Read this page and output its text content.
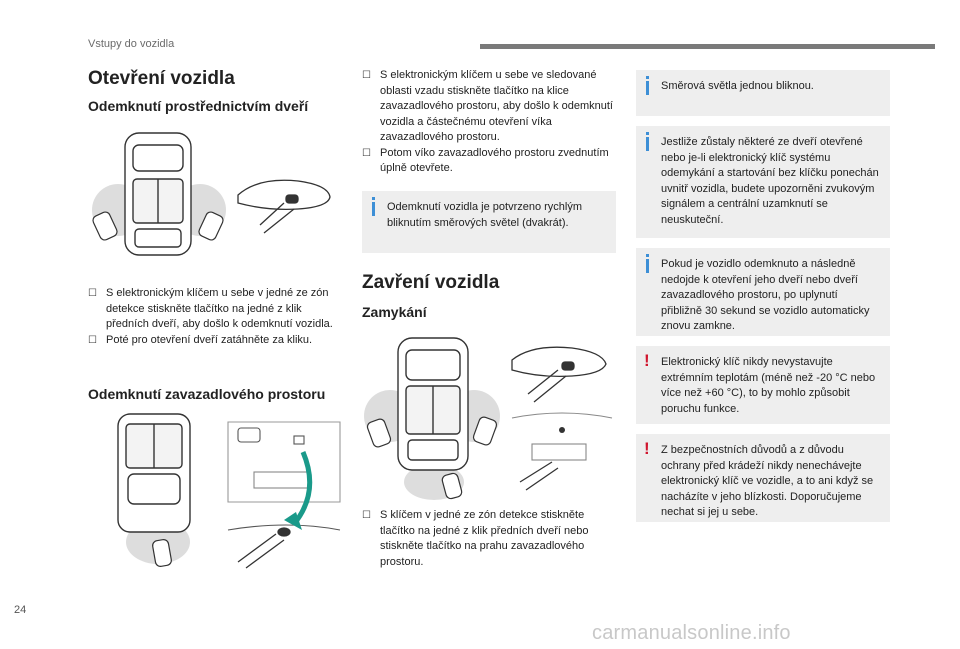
Vstupy do vozidla
Otevření vozidla
Odemknutí prostřednictvím dveří
☐ S elektronickým klíčem u sebe v jedné ze zón detekce stiskněte tlačítko na jedné z klik předních dveří, aby došlo k odemknutí vozidla.
☐ Poté pro otevření dveří zatáhněte za kliku.
Odemknutí zavazadlového prostoru
☐ S elektronickým klíčem u sebe ve sledované oblasti vzadu stiskněte tlačítko na klice zavazadlového prostoru, aby došlo k odemknutí vozidla a částečnému otevření víka zavazadlového prostoru.
☐ Potom víko zavazadlového prostoru zvednutím úplně otevřete.
Odemknutí vozidla je potvrzeno rychlým bliknutím směrových světel (dvakrát).
Zavření vozidla
Zamykání
☐ S klíčem v jedné ze zón detekce stiskněte tlačítko na jedné z klik předních dveří nebo stiskněte tlačítko na prahu zavazadlového prostoru.
Směrová světla jednou bliknou.
Jestliže zůstaly některé ze dveří otevřené nebo je-li elektronický klíč systému odemykání a startování bez klíčku ponechán uvnitř vozidla, budete upozorněni zvukovým signálem a centrální uzamknutí se neuskuteční.
Pokud je vozidlo odemknuto a následně nedojde k otevření jeho dveří nebo dveří zavazadlového prostoru, po uplynutí přibližně 30 sekund se vozidlo automaticky znovu zamkne.
! Elektronický klíč nikdy nevystavujte extrémním teplotám (méně než -20 °C nebo více než +60 °C), to by mohlo způsobit poruchu funkce.
! Z bezpečnostních důvodů a z důvodu ochrany před krádeží nikdy nenechávejte elektronický klíč ve vozidle, a to ani když se nacházíte v jeho blízkosti. Doporučujeme nechat si jej u sebe.
24
carmanualsonline.info
